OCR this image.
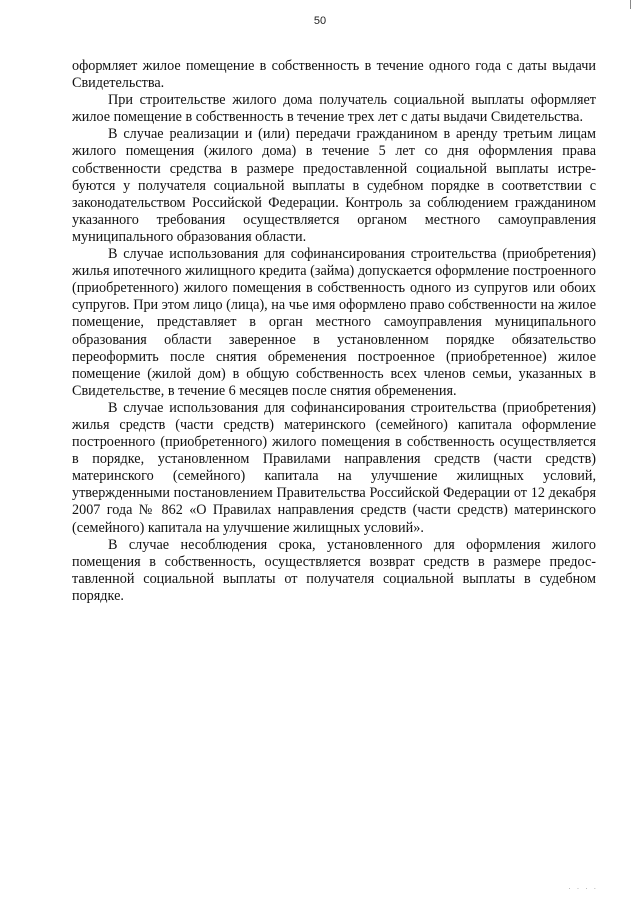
50

оформляет жилое помещение в собственность в течение одного года с даты выдачи Свидетельства.

При строительстве жилого дома получатель социальной выплаты оформляет жилое помещение в собственность в течение трех лет с даты выдачи Свидетельства.

В случае реализации и (или) передачи гражданином в аренду третьим лицам жилого помещения (жилого дома) в течение 5 лет со дня оформления права собственности средства в размере предоставленной социальной выплаты истребуются у получателя социальной выплаты в судебном порядке в соответствии с законодательством Российской Федерации. Контроль за соблюдением гражданином указанного требования осуществляется органом местного самоуправления муниципального образования области.

В случае использования для софинансирования строительства (приобретения) жилья ипотечного жилищного кредита (займа) допускается оформление построенного (приобретенного) жилого помещения в собственность одного из супругов или обоих супругов. При этом лицо (лица), на чье имя оформлено право собственности на жилое помещение, представляет в орган местного самоуправления муниципального образования области заверенное в установленном порядке обязательство переоформить после снятия обременения построенное (приобретенное) жилое помещение (жилой дом) в общую собственность всех членов семьи, указанных в Свидетельстве, в течение 6 месяцев после снятия обременения.

В случае использования для софинансирования строительства (приобретения) жилья средств (части средств) материнского (семейного) капитала оформление построенного (приобретенного) жилого помещения в собственность осуществляется в порядке, установленном Правилами направления средств (части средств) материнского (семейного) капитала на улучшение жилищных условий, утвержденными постановлением Правительства Российской Федерации от 12 декабря 2007 года № 862 «О Правилах направления средств (части средств) материнского (семейного) капитала на улучшение жилищных условий».

В случае несоблюдения срока, установленного для оформления жилого помещения в собственность, осуществляется возврат средств в размере предоставленной социальной выплаты от получателя социальной выплаты в судебном порядке.

· · · ·
